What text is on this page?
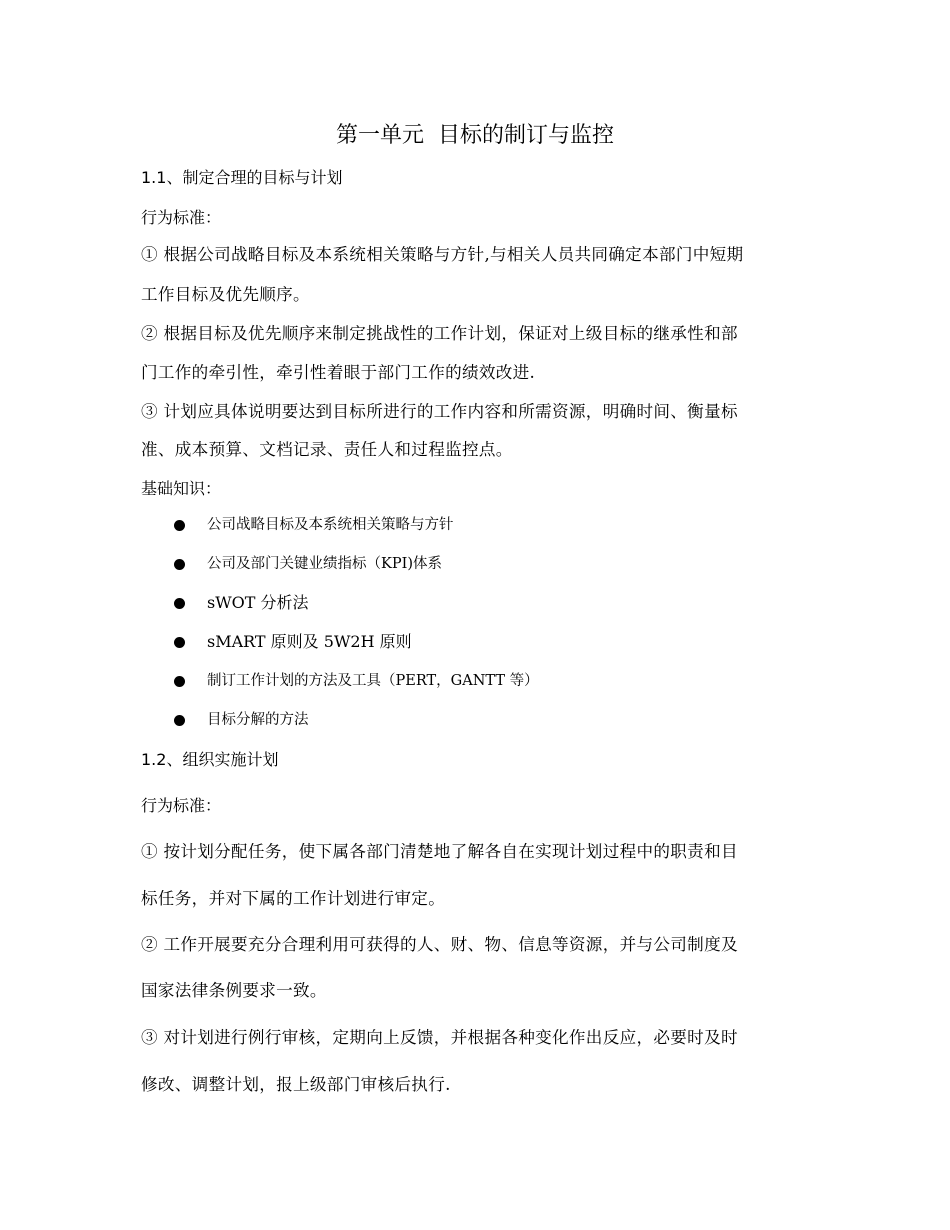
第一单元 目标的制订与监控
1.1、制定合理的目标与计划
行为标准：
① 根据公司战略目标及本系统相关策略与方针,与相关人员共同确定本部门中短期
工作目标及优先顺序。
② 根据目标及优先顺序来制定挑战性的工作计划，保证对上级目标的继承性和部
门工作的牵引性，牵引性着眼于部门工作的绩效改进.
③ 计划应具体说明要达到目标所进行的工作内容和所需资源，明确时间、衡量标
准、成本预算、文档记录、责任人和过程监控点。
基础知识：
公司战略目标及本系统相关策略与方针
公司及部门关键业绩指标（KPI)体系
sWOT 分析法
sMART 原则及 5W2H 原则
制订工作计划的方法及工具（PERT，GANTT 等）
目标分解的方法
1.2、组织实施计划
行为标准：
① 按计划分配任务，使下属各部门清楚地了解各自在实现计划过程中的职责和目
标任务，并对下属的工作计划进行审定。
② 工作开展要充分合理利用可获得的人、财、物、信息等资源，并与公司制度及
国家法律条例要求一致。
③ 对计划进行例行审核，定期向上反馈，并根据各种变化作出反应，必要时及时
修改、调整计划，报上级部门审核后执行.
